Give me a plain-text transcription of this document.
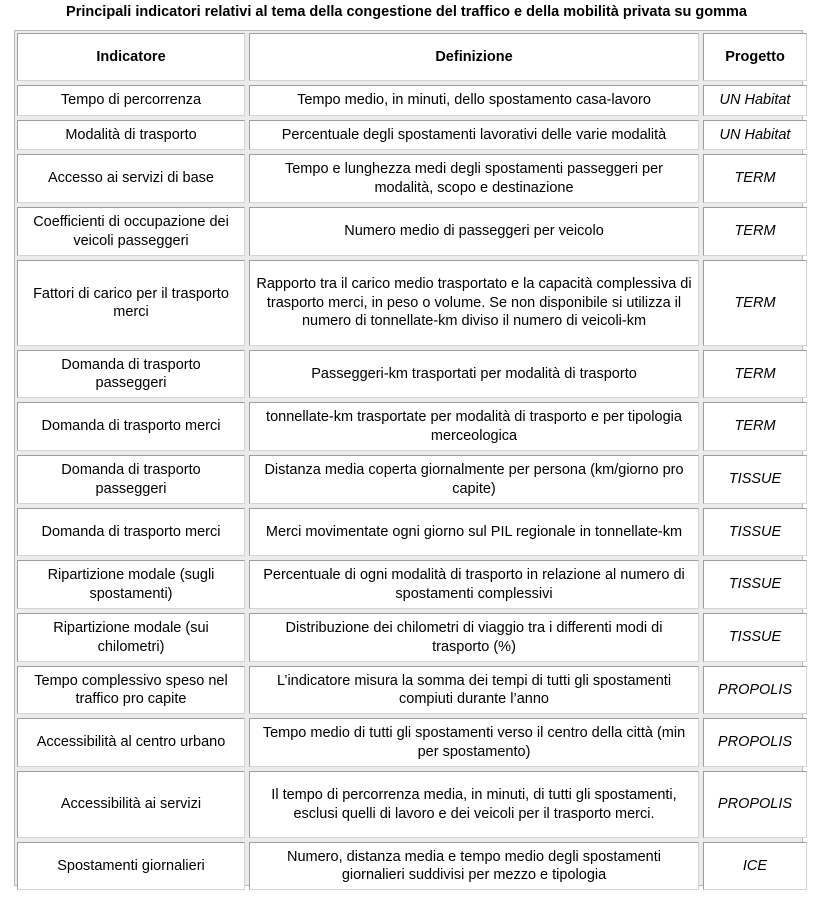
Principali indicatori relativi al tema della congestione del traffico e della mobilità privata su gomma
Indicatore	Definizione	Progetto
Tempo di percorrenza	Tempo medio, in minuti, dello spostamento casa-lavoro	UN Habitat
Modalità di trasporto	Percentuale degli spostamenti lavorativi delle varie modalità	UN Habitat
Accesso ai servizi di base	Tempo e lunghezza medi degli spostamenti passeggeri per modalità, scopo e destinazione	TERM
Coefficienti di occupazione dei veicoli passeggeri	Numero medio di passeggeri per veicolo	TERM
Fattori di carico per il trasporto merci	Rapporto tra il carico medio trasportato e la capacità complessiva di trasporto merci, in peso o volume. Se non disponibile si utilizza il numero di tonnellate-km diviso il numero di veicoli-km	TERM
Domanda di trasporto passeggeri	Passeggeri-km trasportati per modalità di trasporto	TERM
Domanda di trasporto merci	tonnellate-km trasportate per modalità di trasporto e per tipologia merceologica	TERM
Domanda di trasporto passeggeri	Distanza media coperta giornalmente per persona (km/giorno pro capite)	TISSUE
Domanda di trasporto merci	Merci movimentate ogni giorno sul PIL regionale in tonnellate-km	TISSUE
Ripartizione modale (sugli spostamenti)	Percentuale di ogni modalità di trasporto in relazione al numero di spostamenti complessivi	TISSUE
Ripartizione modale (sui chilometri)	Distribuzione dei chilometri di viaggio tra i differenti modi di trasporto (%)	TISSUE
Tempo complessivo speso nel traffico pro capite	L’indicatore misura la somma dei tempi di tutti gli spostamenti compiuti durante l’anno	PROPOLIS
Accessibilità al centro urbano	Tempo medio di tutti gli spostamenti verso il centro della città (min per spostamento)	PROPOLIS
Accessibilità ai servizi	Il tempo di percorrenza media, in minuti, di tutti gli spostamenti, esclusi quelli di lavoro e dei veicoli per il trasporto merci.	PROPOLIS
Spostamenti giornalieri	Numero, distanza media e tempo medio degli spostamenti giornalieri suddivisi per mezzo e tipologia	ICE
